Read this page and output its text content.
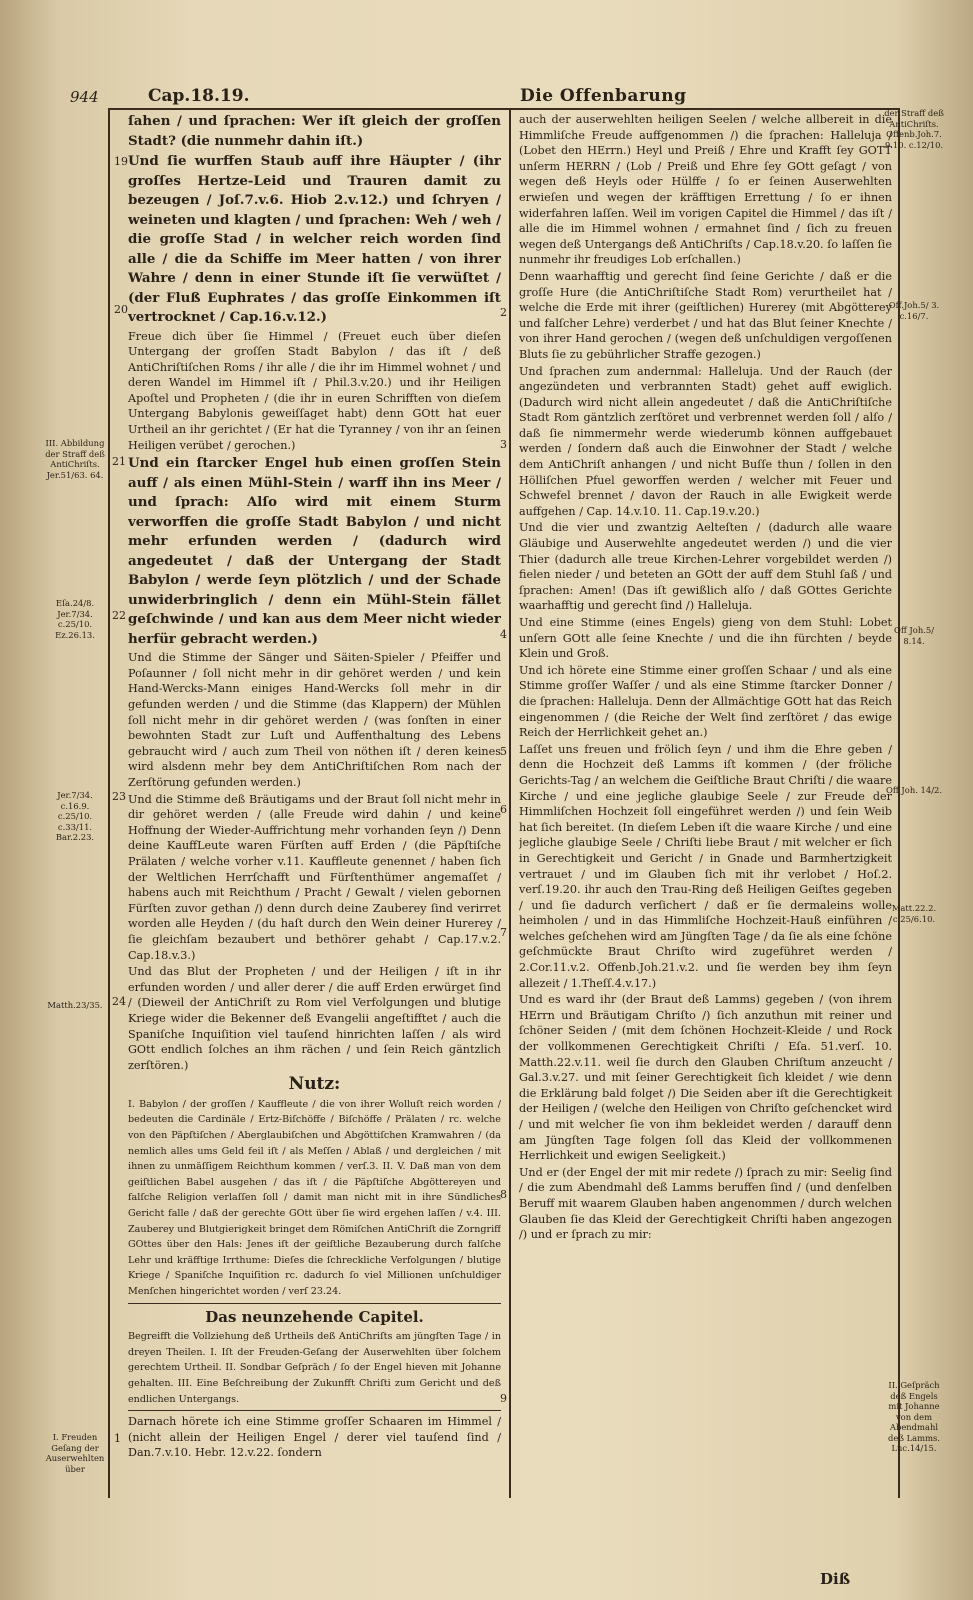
944	Cap.18.19.	Die Offenbarung
III. Abbildung der Straff deß AntiChriſts. Jer.51/63. 64.
Eſa.24/8. Jer.7/34. c.25/10. Ez.26.13.
Jer.7/34. c.16.9. c.25/10. c.33/11. Bar.2.23.
Matth.23/35.
I. Freuden Geſang der Auserwehlten über
der Straff deß AntiChriſts. Offenb.Joh.7. 9.10. c.12/10.
Off.Joh.5/ 3. c.16/7.
Off Joh.5/ 8.14.
Off Joh. 14/2.
Matt.22.2. c.25/6.10.
II. Geſpräch deß Engels mit Johanne von dem Abendmahl deß Lamms. Luc.14/15.
19
20
21
22
23
24
1
2
3
4
5
6
7
8
9

ſahen / und ſprachen: Wer iſt gleich der groſſen Stadt? (die nunmehr dahin iſt.)

Und ſie wurffen Staub auff ihre Häupter / (ihr groſſes Hertze-Leid und Trauren damit zu bezeugen / Joſ.7.v.6. Hiob 2.v.12.) und ſchryen / weineten und klagten / und ſprachen: Weh / weh / die groſſe Stad / in welcher reich worden ſind alle / die da Schiffe im Meer hatten / von ihrer Wahre / denn in einer Stunde iſt ſie verwüſtet / (der Fluß Euphrates / das groſſe Einkommen iſt vertrocknet / Cap.16.v.12.)

Freue dich über ſie Himmel / (Freuet euch über dieſen Untergang der groſſen Stadt Babylon / das iſt / deß AntiChriſtiſchen Roms / ihr alle / die ihr im Himmel wohnet / und deren Wandel im Himmel iſt / Phil.3.v.20.) und ihr Heiligen Apoſtel und Propheten / (die ihr in euren Schrifften von dieſem Untergang Babylonis geweiſſaget habt) denn GOtt hat euer Urtheil an ihr gerichtet / (Er hat die Tyranney / von ihr an ſeinen Heiligen verübet / gerochen.)

Und ein ſtarcker Engel hub einen groſſen Stein auff / als einen Mühl-Stein / warff ihn ins Meer / und ſprach: Alſo wird mit einem Sturm verworffen die groſſe Stadt Babylon / und nicht mehr erfunden werden / (dadurch wird angedeutet / daß der Untergang der Stadt Babylon / werde ſeyn plötzlich / und der Schade unwiderbringlich / denn ein Mühl-Stein fället geſchwinde / und kan aus dem Meer nicht wieder herfür gebracht werden.)

Und die Stimme der Sänger und Säiten-Spieler / Pfeiffer und Poſaunner / ſoll nicht mehr in dir gehöret werden / und kein Hand-Wercks-Mann einiges Hand-Wercks ſoll mehr in dir gefunden werden / und die Stimme (das Klappern) der Mühlen ſoll nicht mehr in dir gehöret werden / (was ſonſten in einer bewohnten Stadt zur Luſt und Auffenthaltung des Lebens gebraucht wird / auch zum Theil von nöthen iſt / deren keines wird alsdenn mehr bey dem AntiChriſtiſchen Rom nach der Zerſtörung gefunden werden.)

Und die Stimme deß Bräutigams und der Braut ſoll nicht mehr in dir gehöret werden / (alle Freude wird dahin / und keine Hoffnung der Wieder-Auffrichtung mehr vorhanden ſeyn /) Denn deine KauffLeute waren Fürſten auff Erden / (die Päpſtiſche Prälaten / welche vorher v.11. Kauffleute genennet / haben ſich der Weltlichen Herrſchafft und Fürſtenthümer angemaſſet / habens auch mit Reichthum / Pracht / Gewalt / vielen gebornen Fürſten zuvor gethan /) denn durch deine Zauberey ſind verirret worden alle Heyden / (du haſt durch den Wein deiner Hurerey / ſie gleichſam bezaubert und bethörer gehabt / Cap.17.v.2. Cap.18.v.3.)

Und das Blut der Propheten / und der Heiligen / iſt in ihr erfunden worden / und aller derer / die auff Erden erwürget ſind / (Dieweil der AntiChriſt zu Rom viel Verfolgungen und blutige Kriege wider die Bekenner deß Evangelii angeſtifftet / auch die Spaniſche Inquiſition viel tauſend hinrichten laſſen / als wird GOtt endlich ſolches an ihm rächen / und ſein Reich gäntzlich zerſtören.)

Nutz:

I. Babylon / der groſſen / Kauffleute / die von ihrer Wolluſt reich worden / bedeuten die Cardinäle / Ertz-Biſchöffe / Biſchöffe / Prälaten / rc. welche von den Päpſtiſchen / Aberglaubiſchen und Abgöttiſchen Kramwahren / (da nemlich alles ums Geld feil iſt / als Meſſen / Ablaß / und dergleichen / mit ihnen zu unmäſſigem Reichthum kommen / verſ.3. II. V. Daß man von dem geiſtlichen Babel ausgehen / das iſt / die Päpſtiſche Abgöttereyen und falſche Religion verlaſſen ſoll / damit man nicht mit in ihre Sündliches Gericht falle / daß der gerechte GOtt über ſie wird ergehen laſſen / v.4. III. Zauberey und Blutgierigkeit bringet dem Römiſchen AntiChriſt die Zorngriff GOttes über den Hals: Jenes iſt der geiſtliche Bezauberung durch falſche Lehr und kräfftige Irrthume: Dieſes die ſchreckliche Verfolgungen / blutige Kriege / Spaniſche Inquiſition rc. dadurch ſo viel Millionen unſchuldiger Menſchen hingerichtet worden / verſ 23.24.

Das neunzehende Capitel.

Begreifft die Vollziehung deß Urtheils deß AntiChriſts am jüngſten Tage / in dreyen Theilen. I. Iſt der Freuden-Geſang der Auserwehlten über ſolchem gerechtem Urtheil. II. Sondbar Geſpräch / ſo der Engel hieven mit Johanne gehalten. III. Eine Beſchreibung der Zukunfft Chriſti zum Gericht und deß endlichen Untergangs.

Darnach hörete ich eine Stimme groſſer Schaaren im Himmel / (nicht allein der Heiligen Engel / derer viel tauſend ſind / Dan.7.v.10. Hebr. 12.v.22. ſondern

auch der auserwehlten heiligen Seelen / welche allbereit in die Himmliſche Freude auffgenommen /) die ſprachen: Halleluja / (Lobet den HErrn.) Heyl und Preiß / Ehre und Krafft ſey GOTT unſerm HERRN / (Lob / Preiß und Ehre ſey GOtt geſagt / von wegen deß Heyls oder Hülffe / ſo er ſeinen Auserwehlten erwieſen und wegen der kräfftigen Errettung / ſo er ihnen widerfahren laſſen. Weil im vorigen Capitel die Himmel / das iſt / alle die im Himmel wohnen / ermahnet ſind / ſich zu freuen wegen deß Untergangs deß AntiChriſts / Cap.18.v.20. ſo laſſen ſie nunmehr ihr freudiges Lob erſchallen.)

Denn waarhafftig und gerecht ſind ſeine Gerichte / daß er die groſſe Hure (die AntiChriſtiſche Stadt Rom) verurtheilet hat / welche die Erde mit ihrer (geiſtlichen) Hurerey (mit Abgötterey und falſcher Lehre) verderbet / und hat das Blut ſeiner Knechte / von ihrer Hand gerochen / (wegen deß unſchuldigen vergoſſenen Bluts ſie zu gebührlicher Straffe gezogen.)

Und ſprachen zum andernmal: Halleluja. Und der Rauch (der angezündeten und verbrannten Stadt) gehet auff ewiglich. (Dadurch wird nicht allein angedeutet / daß die AntiChriſtiſche Stadt Rom gäntzlich zerſtöret und verbrennet werden ſoll / alſo / daß ſie nimmermehr werde wiederumb können auffgebauet werden / ſondern daß auch die Einwohner der Stadt / welche dem AntiChriſt anhangen / und nicht Buſſe thun / ſollen in den Hölliſchen Pfuel geworffen werden / welcher mit Feuer und Schwefel brennet / davon der Rauch in alle Ewigkeit werde auffgehen / Cap. 14.v.10. 11. Cap.19.v.20.)

Und die vier und zwantzig Aelteſten / (dadurch alle waare Gläubige und Auserwehlte angedeutet werden /) und die vier Thier (dadurch alle treue Kirchen-Lehrer vorgebildet werden /) fielen nieder / und beteten an GOtt der auff dem Stuhl ſaß / und ſprachen: Amen! (Das iſt gewißlich alſo / daß GOttes Gerichte waarhafftig und gerecht ſind /) Halleluja.

Und eine Stimme (eines Engels) gieng von dem Stuhl: Lobet unſern GOtt alle ſeine Knechte / und die ihn fürchten / beyde Klein und Groß.

Und ich hörete eine Stimme einer groſſen Schaar / und als eine Stimme groſſer Waſſer / und als eine Stimme ſtarcker Donner / die ſprachen: Halleluja. Denn der Allmächtige GOtt hat das Reich eingenommen / (die Reiche der Welt ſind zerſtöret / das ewige Reich der Herrlichkeit gehet an.)

Laſſet uns freuen und frölich ſeyn / und ihm die Ehre geben / denn die Hochzeit deß Lamms iſt kommen / (der fröliche Gerichts-Tag / an welchem die Geiſtliche Braut Chriſti / die waare Kirche / und eine jegliche glaubige Seele / zur Freude der Himmliſchen Hochzeit ſoll eingeführet werden /) und ſein Weib hat ſich bereitet. (In dieſem Leben iſt die waare Kirche / und eine jegliche glaubige Seele / Chriſti liebe Braut / mit welcher er ſich in Gerechtigkeit und Gericht / in Gnade und Barmhertzigkeit vertrauet / und im Glauben ſich mit ihr verlobet / Hoſ.2. verſ.19.20. ihr auch den Trau-Ring deß Heiligen Geiſtes gegeben / und ſie dadurch verſichert / daß er ſie dermaleins wolle heimholen / und in das Himmliſche Hochzeit-Hauß einführen / welches geſchehen wird am Jüngſten Tage / da ſie als eine ſchöne geſchmückte Braut Chriſto wird zugeführet werden / 2.Cor.11.v.2. Offenb.Joh.21.v.2. und ſie werden bey ihm ſeyn allezeit / 1.Theſſ.4.v.17.)

Und es ward ihr (der Braut deß Lamms) gegeben / (von ihrem HErrn und Bräutigam Chriſto /) ſich anzuthun mit reiner und ſchöner Seiden / (mit dem ſchönen Hochzeit-Kleide / und Rock der vollkommenen Gerechtigkeit Chriſti / Eſa. 51.verſ. 10. Matth.22.v.11. weil ſie durch den Glauben Chriſtum anzeucht / Gal.3.v.27. und mit ſeiner Gerechtigkeit ſich kleidet / wie denn die Erklärung bald folget /) Die Seiden aber iſt die Gerechtigkeit der Heiligen / (welche den Heiligen von Chriſto geſchencket wird / und mit welcher ſie von ihm bekleidet werden / darauff denn am Jüngſten Tage folgen ſoll das Kleid der vollkommenen Herrlichkeit und ewigen Seeligkeit.)

Und er (der Engel der mit mir redete /) ſprach zu mir: Seelig ſind / die zum Abendmahl deß Lamms beruffen ſind / (und denſelben Beruff mit waarem Glauben haben angenommen / durch welchen Glauben ſie das Kleid der Gerechtigkeit Chriſti haben angezogen /) und er ſprach zu mir:

Diß
